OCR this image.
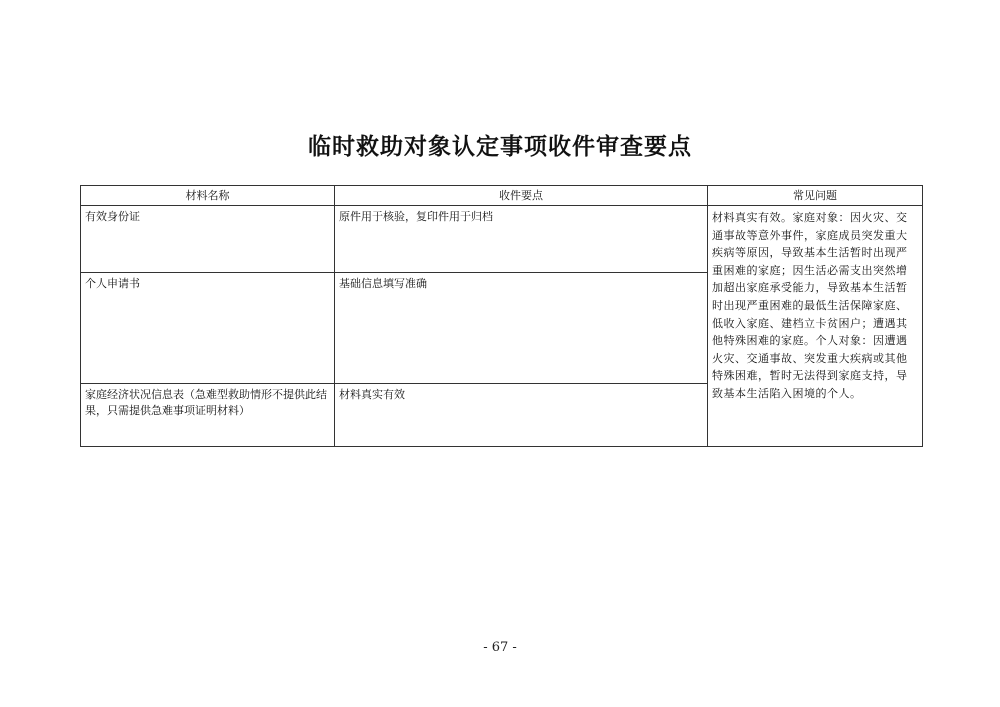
临时救助对象认定事项收件审查要点
材料名称	收件要点	常见问题
有效身份证	原件用于核验，复印件用于归档	材料真实有效。家庭对象：因火灾、交通事故等意外事件，家庭成员突发重大疾病等原因，导致基本生活暂时出现严重困难的家庭；因生活必需支出突然增加超出家庭承受能力，导致基本生活暂时出现严重困难的最低生活保障家庭、低收入家庭、建档立卡贫困户；遭遇其他特殊困难的家庭。个人对象：因遭遇火灾、交通事故、突发重大疾病或其他特殊困难，暂时无法得到家庭支持，导致基本生活陷入困境的个人。
个人申请书	基础信息填写准确	
家庭经济状况信息表（急难型救助情形不提供此结果，只需提供急难事项证明材料）	材料真实有效	
- 67 -
